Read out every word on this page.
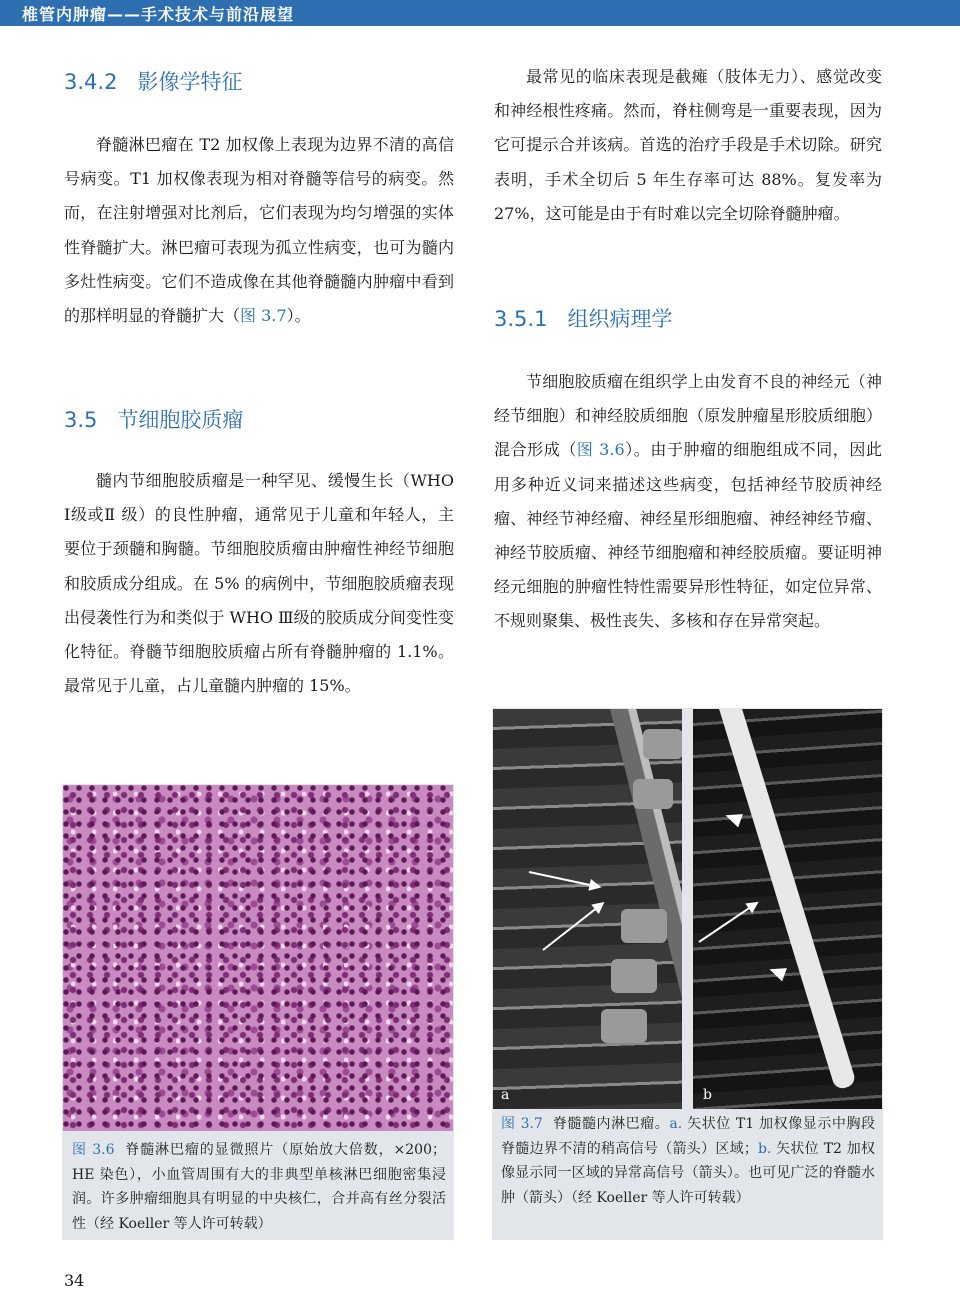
椎管内肿瘤——手术技术与前沿展望
3.4.2 影像学特征

脊髓淋巴瘤在 T2 加权像上表现为边界不清的高信号病变。T1 加权像表现为相对脊髓等信号的病变。然而，在注射增强对比剂后，它们表现为均匀增强的实体性脊髓扩大。淋巴瘤可表现为孤立性病变，也可为髓内多灶性病变。它们不造成像在其他脊髓髓内肿瘤中看到的那样明显的脊髓扩大（图 3.7）。

3.5 节细胞胶质瘤

髓内节细胞胶质瘤是一种罕见、缓慢生长（WHO Ⅰ级或Ⅱ 级）的良性肿瘤，通常见于儿童和年轻人，主要位于颈髓和胸髓。节细胞胶质瘤由肿瘤性神经节细胞和胶质成分组成。在 5% 的病例中，节细胞胶质瘤表现出侵袭性行为和类似于 WHO Ⅲ级的胶质成分间变性变化特征。脊髓节细胞胶质瘤占所有脊髓肿瘤的 1.1%。最常见于儿童，占儿童髓内肿瘤的 15%。

图 3.6 脊髓淋巴瘤的显微照片（原始放大倍数，×200；HE 染色），小血管周围有大的非典型单核淋巴细胞密集浸润。许多肿瘤细胞具有明显的中央核仁，合并高有丝分裂活性（经 Koeller 等人许可转载）

最常见的临床表现是截瘫（肢体无力）、感觉改变和神经根性疼痛。然而，脊柱侧弯是一重要表现，因为它可提示合并该病。首选的治疗手段是手术切除。研究表明，手术全切后 5 年生存率可达 88%。复发率为 27%，这可能是由于有时难以完全切除脊髓肿瘤。

3.5.1 组织病理学

节细胞胶质瘤在组织学上由发育不良的神经元（神经节细胞）和神经胶质细胞（原发肿瘤星形胶质细胞）混合形成（图 3.6）。由于肿瘤的细胞组成不同，因此用多种近义词来描述这些病变，包括神经节胶质神经瘤、神经节神经瘤、神经星形细胞瘤、神经神经节瘤、神经节胶质瘤、神经节细胞瘤和神经胶质瘤。要证明神经元细胞的肿瘤性特性需要异形性特征，如定位异常、不规则聚集、极性丧失、多核和存在异常突起。

a	b

图 3.7 脊髓髓内淋巴瘤。a. 矢状位 T1 加权像显示中胸段脊髓边界不清的稍高信号（箭头）区域；b. 矢状位 T2 加权像显示同一区域的异常高信号（箭头）。也可见广泛的脊髓水肿（箭头）（经 Koeller 等人许可转载）

34
